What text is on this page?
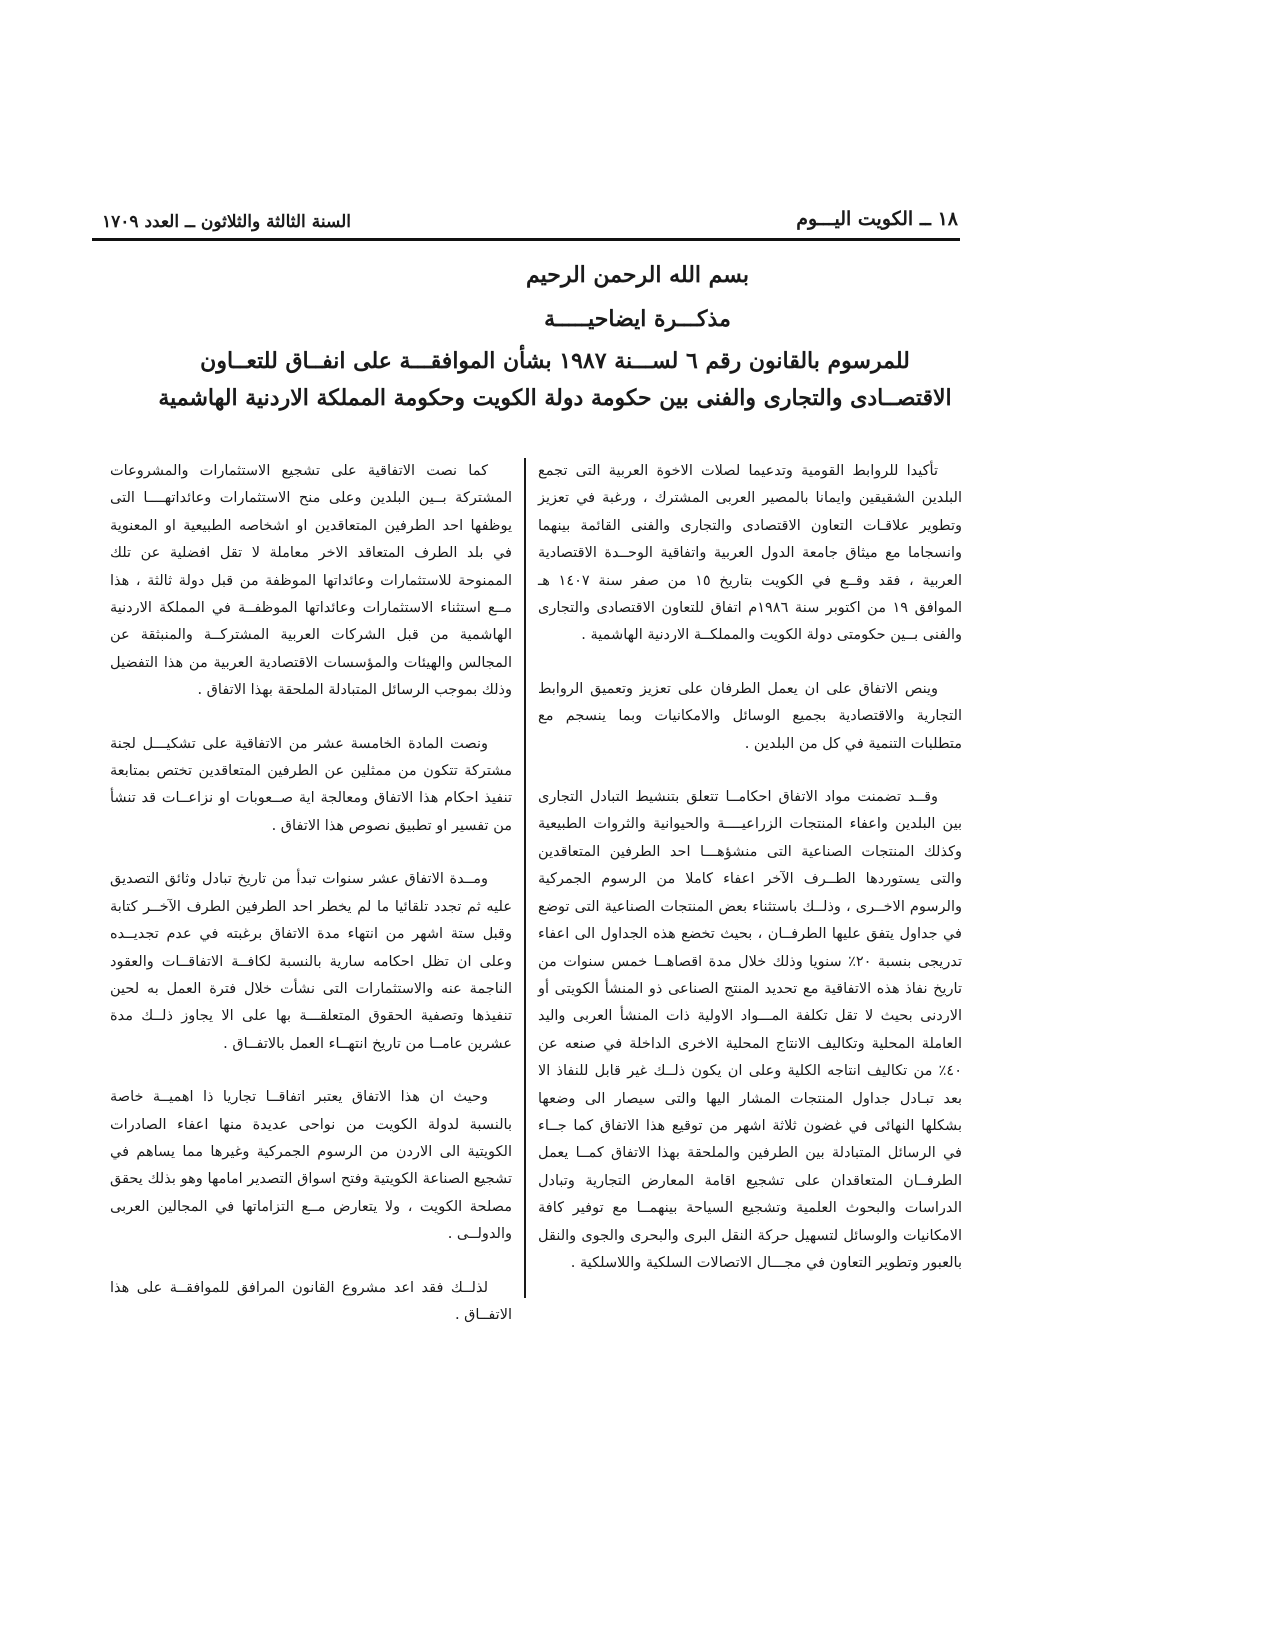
١٨ ــ الكويت اليـــوم
السنة الثالثة والثلاثون ــ العدد ١٧٠٩
بسم الله الرحمن الرحيم
مذكـــرة ايضاحيـــــة
للمرسوم بالقانون رقم ٦ لســـنة ١٩٨٧ بشأن الموافقـــة على انفــاق للتعــاون الاقتصــادى والتجارى والفنى بين حكومة دولة الكويت وحكومة المملكة الاردنية الهاشمية

تأكيدا للروابط القومية وتدعيما لصلات الاخوة العربية التى تجمع البلدين الشقيقين وايمانا بالمصير العربى المشترك ، ورغبة في تعزيز وتطوير علاقـات التعاون الاقتصادى والتجارى والفنى القائمة بينهما وانسجاما مع ميثاق جامعة الدول العربية واتفاقية الوحــدة الاقتصادية العربية ، فقد وقــع في الكويت بتاريخ ١٥ من صفر سنة ١٤٠٧ هـ الموافق ١٩ من اكتوبر سنة ١٩٨٦م اتفاق للتعاون الاقتصادى والتجارى والفنى بــين حكومتى دولة الكويت والمملكــة الاردنية الهاشمية .

وينص الاتفاق على ان يعمل الطرفان على تعزيز وتعميق الروابط التجارية والاقتصادية بجميع الوسائل والامكانيات وبما ينسجم مع متطلبات التنمية في كل من البلدين .

وقــد تضمنت مواد الاتفاق احكامــا تتعلق بتنشيط التبادل التجارى بين البلدين واعفاء المنتجات الزراعيــــة والحيوانية والثروات الطبيعية وكذلك المنتجات الصناعية التى منشؤهـــا احد الطرفين المتعاقدين والتى يستوردها الطــرف الآخر اعفاء كاملا من الرسوم الجمركية والرسوم الاخــرى ، وذلــك باستثناء بعض المنتجات الصناعية التى توضع في جداول يتفق عليها الطرفــان ، بحيث تخضع هذه الجداول الى اعفاء تدريجى بنسبة ٢٠٪ سنويا وذلك خلال مدة اقصاهــا خمس سنوات من تاريخ نفاذ هذه الاتفاقية مع تحديد المنتج الصناعى ذو المنشأ الكويتى أو الاردنى بحيث لا تقل تكلفة المـــواد الاولية ذات المنشأ العربى واليد العاملة المحلية وتكاليف الانتاج المحلية الاخرى الداخلة في صنعه عن ٤٠٪ من تكاليف انتاجه الكلية وعلى ان يكون ذلــك غير قابل للنفاذ الا بعد تبـادل جداول المنتجات المشار اليها والتى سيصار الى وضعها بشكلها النهائى في غضون ثلاثة اشهر من توقيع هذا الاتفاق كما جــاء في الرسائل المتبادلة بين الطرفين والملحقة بهذا الاتفاق كمــا يعمل الطرفــان المتعاقدان على تشجيع اقامة المعارض التجارية وتبادل الدراسات والبحوث العلمية وتشجيع السياحة بينهمــا مع توفير كافة الامكانيات والوسائل لتسهيل حركة النقل البرى والبحرى والجوى والنقل بالعبور وتطوير التعاون في مجـــال الاتصالات السلكية واللاسلكية .

كما نصت الاتفاقية على تشجيع الاستثمارات والمشروعات المشتركة بــين البلدين وعلى منح الاستثمارات وعائداتهــــا التى يوظفها احد الطرفين المتعاقدين او اشخاصه الطبيعية او المعنوية في بلد الطرف المتعاقد الاخر معاملة لا تقل افضلية عن تلك الممنوحة للاستثمارات وعائداتها الموظفة من قبل دولة ثالثة ، هذا مــع استثناء الاستثمارات وعائداتها الموظفــة في المملكة الاردنية الهاشمية من قبل الشركات العربية المشتركــة والمنبثقة عن المجالس والهيئات والمؤسسات الاقتصادية العربية من هذا التفضيل وذلك بموجب الرسائل المتبادلة الملحقة بهذا الاتفاق .

ونصت المادة الخامسة عشر من الاتفاقية على تشكيـــل لجنة مشتركة تتكون من ممثلين عن الطرفين المتعاقدين تختص بمتابعة تنفيذ احكام هذا الاتفاق ومعالجة اية صــعوبات او نزاعــات قد تنشأ من تفسير او تطبيق نصوص هذا الاتفاق .

ومــدة الاتفاق عشر سنوات تبدأ من تاريخ تبادل وثائق التصديق عليه ثم تجدد تلقائيا ما لم يخطر احد الطرفين الطرف الآخــر كتابة وقبل ستة اشهر من انتهاء مدة الاتفاق برغبته في عدم تجديــده وعلى ان تظل احكامه سارية بالنسبة لكافــة الاتفاقــات والعقود الناجمة عنه والاستثمارات التى نشأت خلال فترة العمل به لحين تنفيذها وتصفية الحقوق المتعلقـــة بها على الا يجاوز ذلــك مدة عشرين عامــا من تاريخ انتهــاء العمل بالاتفــاق .

وحيث ان هذا الاتفاق يعتبر اتفاقــا تجاريا ذا اهميــة خاصة بالنسبة لدولة الكويت من نواحى عديدة منها اعفاء الصادرات الكويتية الى الاردن من الرسوم الجمركية وغيرها مما يساهم في تشجيع الصناعة الكويتية وفتح اسواق التصدير امامها وهو بذلك يحقق مصلحة الكويت ، ولا يتعارض مــع التزاماتها في المجالين العربى والدولــى .

لذلــك فقد اعد مشروع القانون المرافق للموافقــة على هذا الاتفــاق .
